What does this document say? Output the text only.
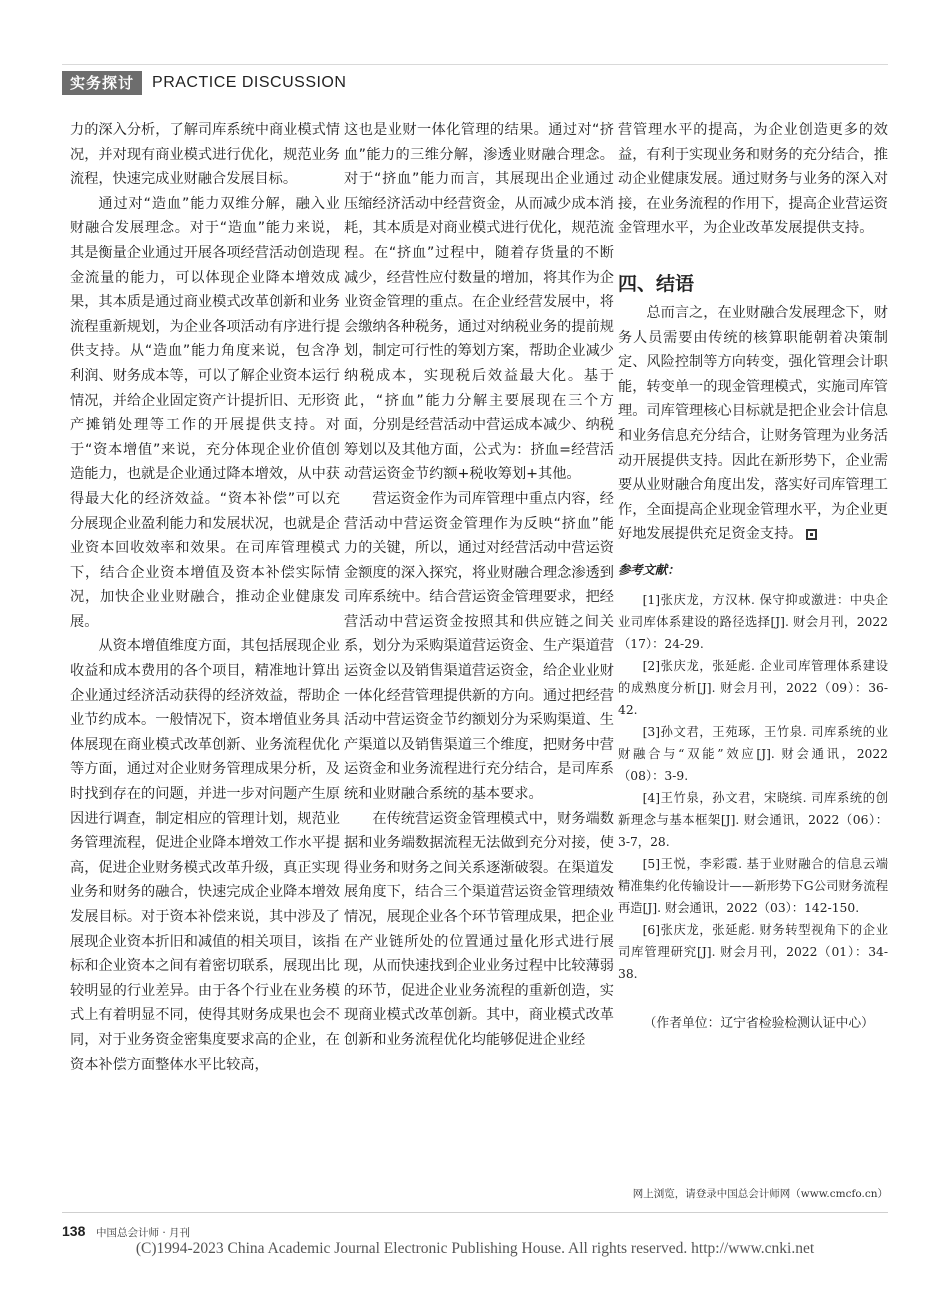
实务探讨	PRACTICE DISCUSSION

力的深入分析，了解司库系统中商业模式情况，并对现有商业模式进行优化，规范业务流程，快速完成业财融合发展目标。

通过对“造血”能力双维分解，融入业财融合发展理念。对于“造血”能力来说，其是衡量企业通过开展各项经营活动创造现金流量的能力，可以体现企业降本增效成果，其本质是通过商业模式改革创新和业务流程重新规划，为企业各项活动有序进行提供支持。从“造血”能力角度来说，包含净利润、财务成本等，可以了解企业资本运行情况，并给企业固定资产计提折旧、无形资产摊销处理等工作的开展提供支持。对于“资本增值”来说，充分体现企业价值创造能力，也就是企业通过降本增效，从中获得最大化的经济效益。“资本补偿”可以充分展现企业盈利能力和发展状况，也就是企业资本回收效率和效果。在司库管理模式下，结合企业资本增值及资本补偿实际情况，加快企业业财融合，推动企业健康发展。

从资本增值维度方面，其包括展现企业收益和成本费用的各个项目，精准地计算出企业通过经济活动获得的经济效益，帮助企业节约成本。一般情况下，资本增值业务具体展现在商业模式改革创新、业务流程优化等方面，通过对企业财务管理成果分析，及时找到存在的问题，并进一步对问题产生原因进行调查，制定相应的管理计划，规范业务管理流程，促进企业降本增效工作水平提高，促进企业财务模式改革升级，真正实现业务和财务的融合，快速完成企业降本增效发展目标。对于资本补偿来说，其中涉及了展现企业资本折旧和减值的相关项目，该指标和企业资本之间有着密切联系，展现出比较明显的行业差异。由于各个行业在业务模式上有着明显不同，使得其财务成果也会不同，对于业务资金密集度要求高的企业，在资本补偿方面整体水平比较高，

这也是业财一体化管理的结果。通过对“挤血”能力的三维分解，渗透业财融合理念。对于“挤血”能力而言，其展现出企业通过压缩经济活动中经营资金，从而减少成本消耗，其本质是对商业模式进行优化，规范流程。在“挤血”过程中，随着存货量的不断减少，经营性应付数量的增加，将其作为企业资金管理的重点。在企业经营发展中，将会缴纳各种税务，通过对纳税业务的提前规划，制定可行性的筹划方案，帮助企业减少纳税成本，实现税后效益最大化。基于此，“挤血”能力分解主要展现在三个方面，分别是经营活动中营运成本减少、纳税筹划以及其他方面，公式为：挤血=经营活动营运资金节约额+税收筹划+其他。

营运资金作为司库管理中重点内容，经营活动中营运资金管理作为反映“挤血”能力的关键，所以，通过对经营活动中营运资金额度的深入探究，将业财融合理念渗透到司库系统中。结合营运资金管理要求，把经营活动中营运资金按照其和供应链之间关系，划分为采购渠道营运资金、生产渠道营运资金以及销售渠道营运资金，给企业业财一体化经营管理提供新的方向。通过把经营活动中营运资金节约额划分为采购渠道、生产渠道以及销售渠道三个维度，把财务中营运资金和业务流程进行充分结合，是司库系统和业财融合系统的基本要求。

在传统营运资金管理模式中，财务端数据和业务端数据流程无法做到充分对接，使得业务和财务之间关系逐渐破裂。在渠道发展角度下，结合三个渠道营运资金管理绩效情况，展现企业各个环节管理成果，把企业在产业链所处的位置通过量化形式进行展现，从而快速找到企业业务过程中比较薄弱的环节，促进企业业务流程的重新创造，实现商业模式改革创新。其中，商业模式改革创新和业务流程优化均能够促进企业经

营管理水平的提高，为企业创造更多的效益，有利于实现业务和财务的充分结合，推动企业健康发展。通过财务与业务的深入对接，在业务流程的作用下，提高企业营运资金管理水平，为企业改革发展提供支持。

四、结语

总而言之，在业财融合发展理念下，财务人员需要由传统的核算职能朝着决策制定、风险控制等方向转变，强化管理会计职能，转变单一的现金管理模式，实施司库管理。司库管理核心目标就是把企业会计信息和业务信息充分结合，让财务管理为业务活动开展提供支持。因此在新形势下，企业需要从业财融合角度出发，落实好司库管理工作，全面提高企业现金管理水平，为企业更好地发展提供充足资金支持。

参考文献：
[1]张庆龙，方汉林. 保守抑或激进：中央企业司库体系建设的路径选择[J]. 财会月刊，2022（17）：24-29.
[2]张庆龙，张延彪. 企业司库管理体系建设的成熟度分析[J]. 财会月刊，2022（09）：36-42.
[3]孙文君，王苑琢，王竹泉. 司库系统的业财融合与“双能”效应[J]. 财会通讯，2022（08）：3-9.
[4]王竹泉，孙文君，宋晓缤. 司库系统的创新理念与基本框架[J]. 财会通讯，2022（06）：3-7，28.
[5]王悦，李彩霞. 基于业财融合的信息云端精准集约化传输设计——新形势下G公司财务流程再造[J]. 财会通讯，2022（03）：142-150.
[6]张庆龙，张延彪. 财务转型视角下的企业司库管理研究[J]. 财会月刊，2022（01）：34-38.
（作者单位：辽宁省检验检测认证中心）
网上浏览，请登录中国总会计师网（www.cmcfo.cn）
138 中国总会计师 · 月刊
(C)1994-2023 China Academic Journal Electronic Publishing House. All rights reserved. http://www.cnki.net
